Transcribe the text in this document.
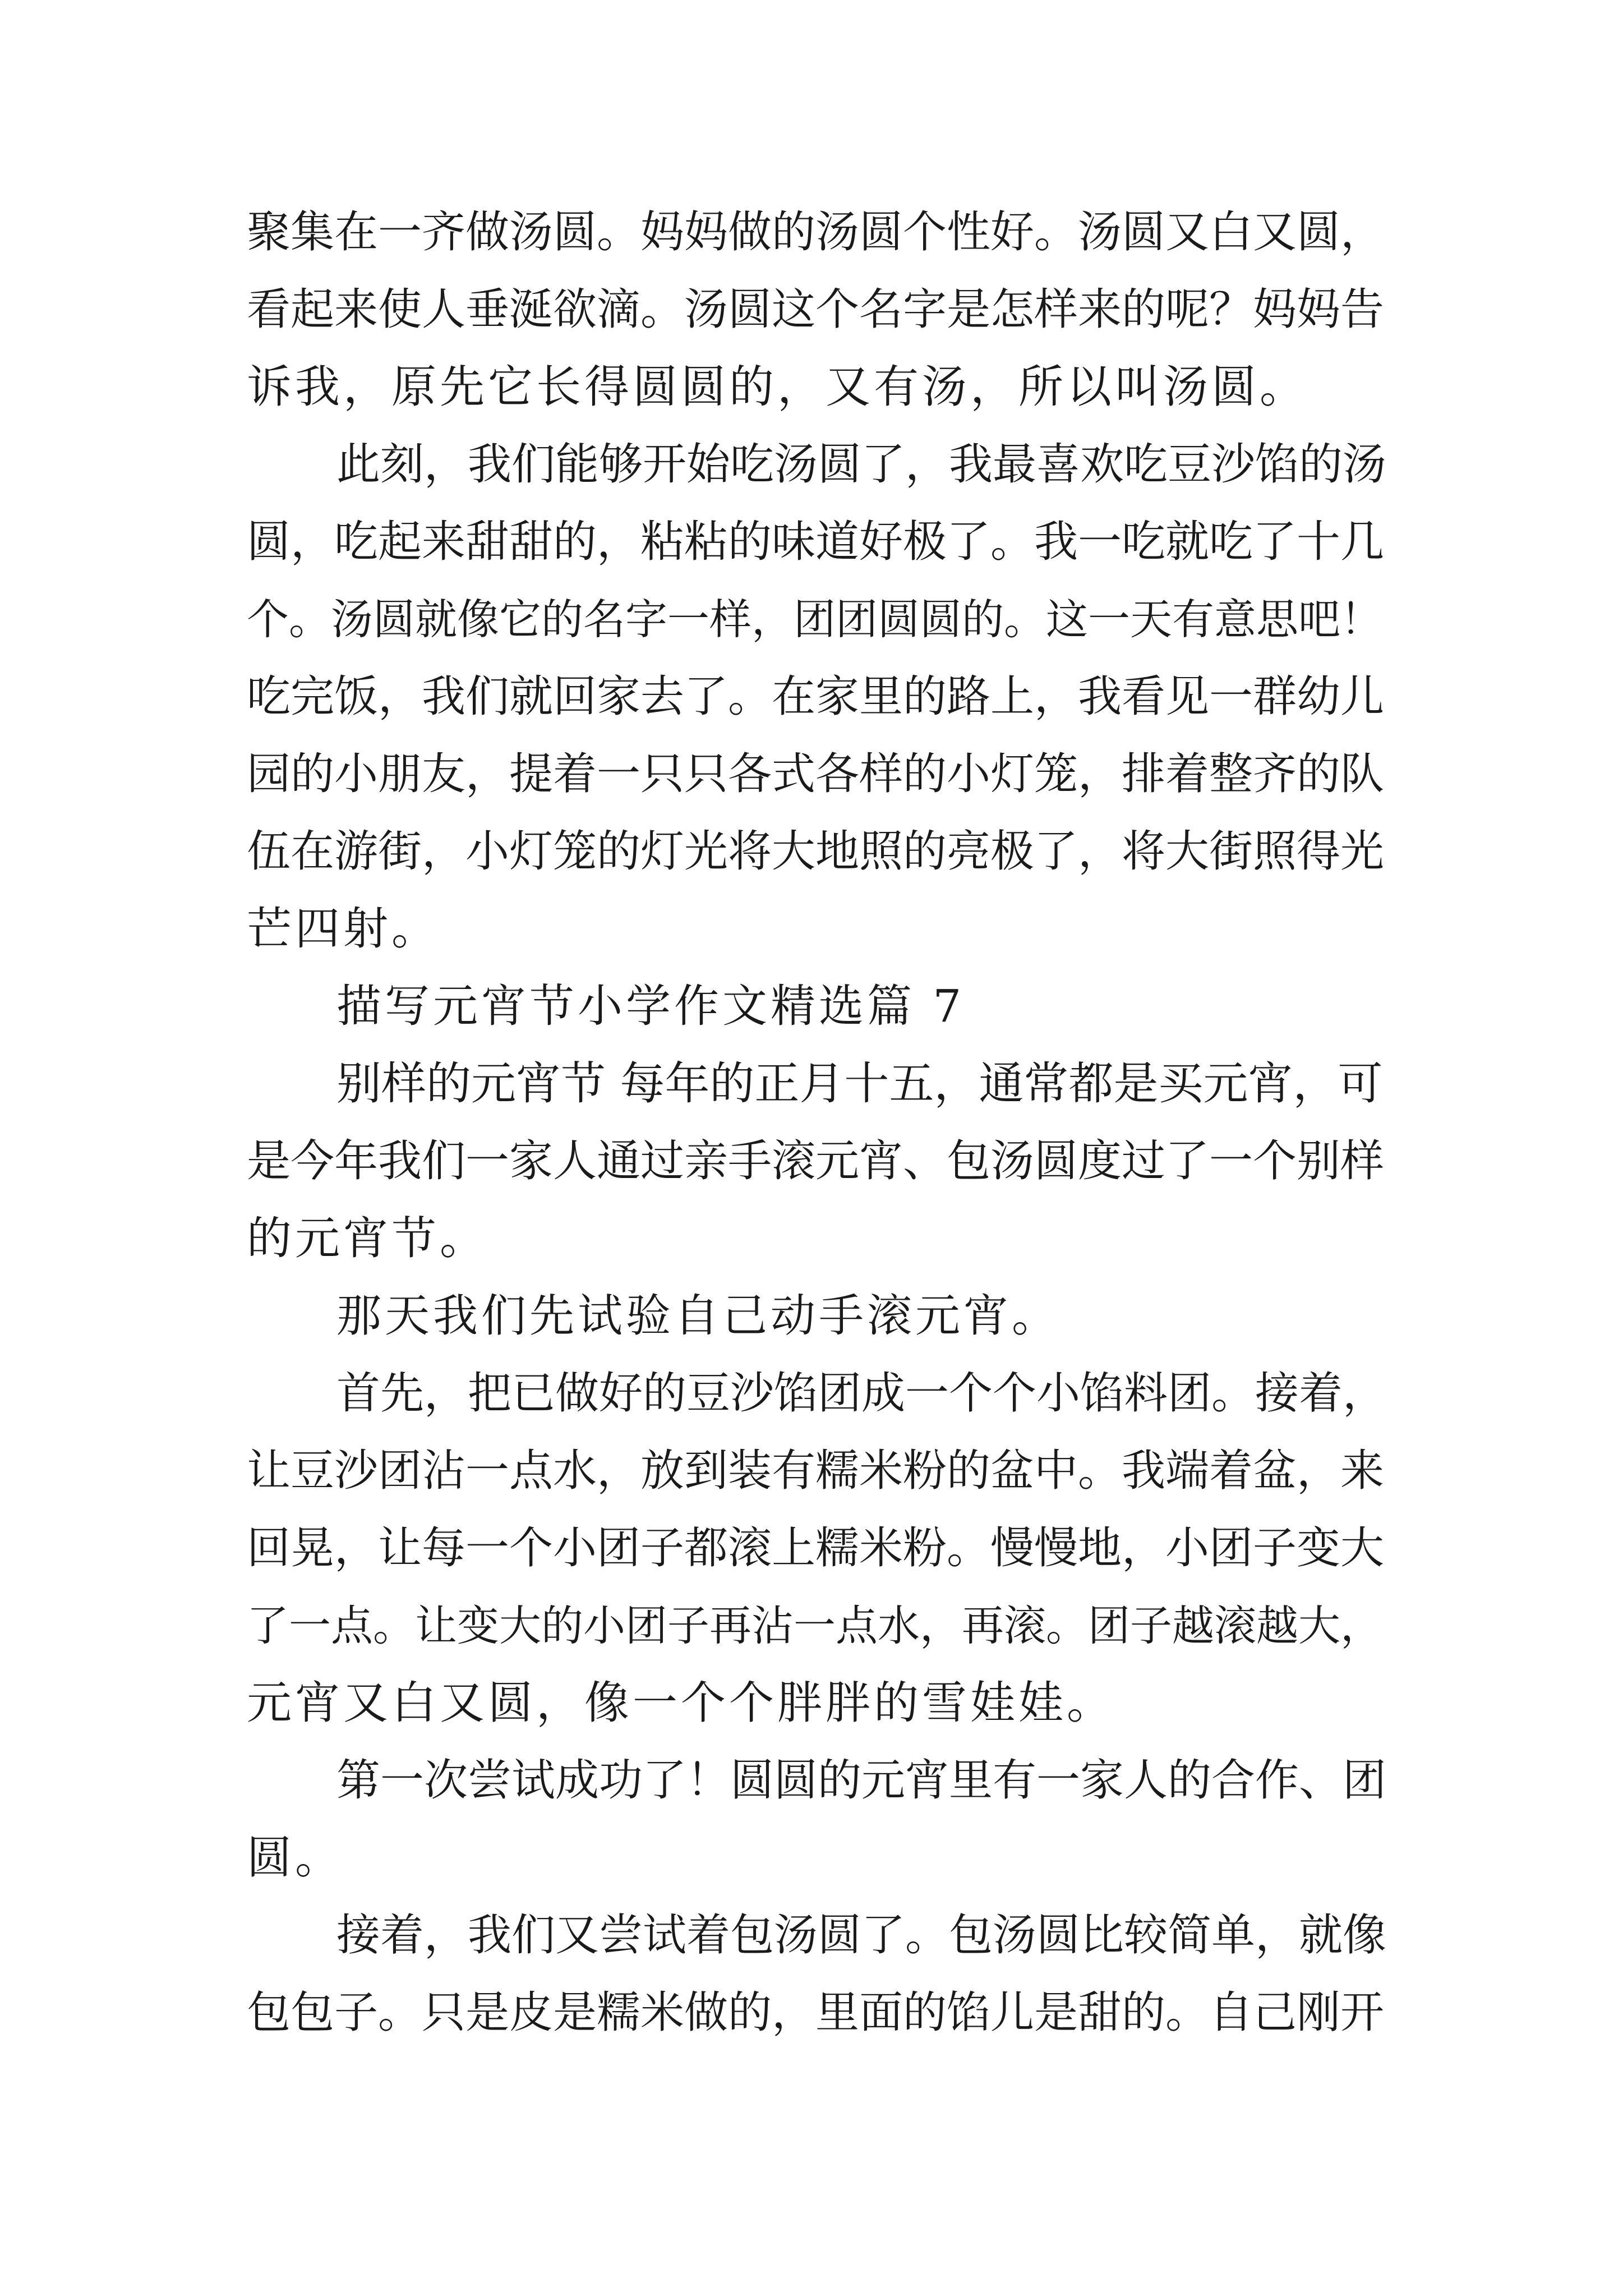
聚集在一齐做汤圆。妈妈做的汤圆个性好。汤圆又白又圆，
看起来使人垂涎欲滴。汤圆这个名字是怎样来的呢？妈妈告
诉我，原先它长得圆圆的，又有汤，所以叫汤圆。
此刻，我们能够开始吃汤圆了，我最喜欢吃豆沙馅的汤
圆，吃起来甜甜的，粘粘的味道好极了。我一吃就吃了十几
个。汤圆就像它的名字一样，团团圆圆的。这一天有意思吧！
吃完饭，我们就回家去了。在家里的路上，我看见一群幼儿
园的小朋友，提着一只只各式各样的小灯笼，排着整齐的队
伍在游街，小灯笼的灯光将大地照的亮极了，将大街照得光
芒四射。
描写元宵节小学作文精选篇 7
别样的元宵节 每年的正月十五，通常都是买元宵，可
是今年我们一家人通过亲手滚元宵、包汤圆度过了一个别样
的元宵节。
那天我们先试验自己动手滚元宵。
首先，把已做好的豆沙馅团成一个个小馅料团。接着，
让豆沙团沾一点水，放到装有糯米粉的盆中。我端着盆，来
回晃，让每一个小团子都滚上糯米粉。慢慢地，小团子变大
了一点。让变大的小团子再沾一点水，再滚。团子越滚越大，
元宵又白又圆，像一个个胖胖的雪娃娃。
第一次尝试成功了！圆圆的元宵里有一家人的合作、团
圆。
接着，我们又尝试着包汤圆了。包汤圆比较简单，就像
包包子。只是皮是糯米做的，里面的馅儿是甜的。自己刚开
